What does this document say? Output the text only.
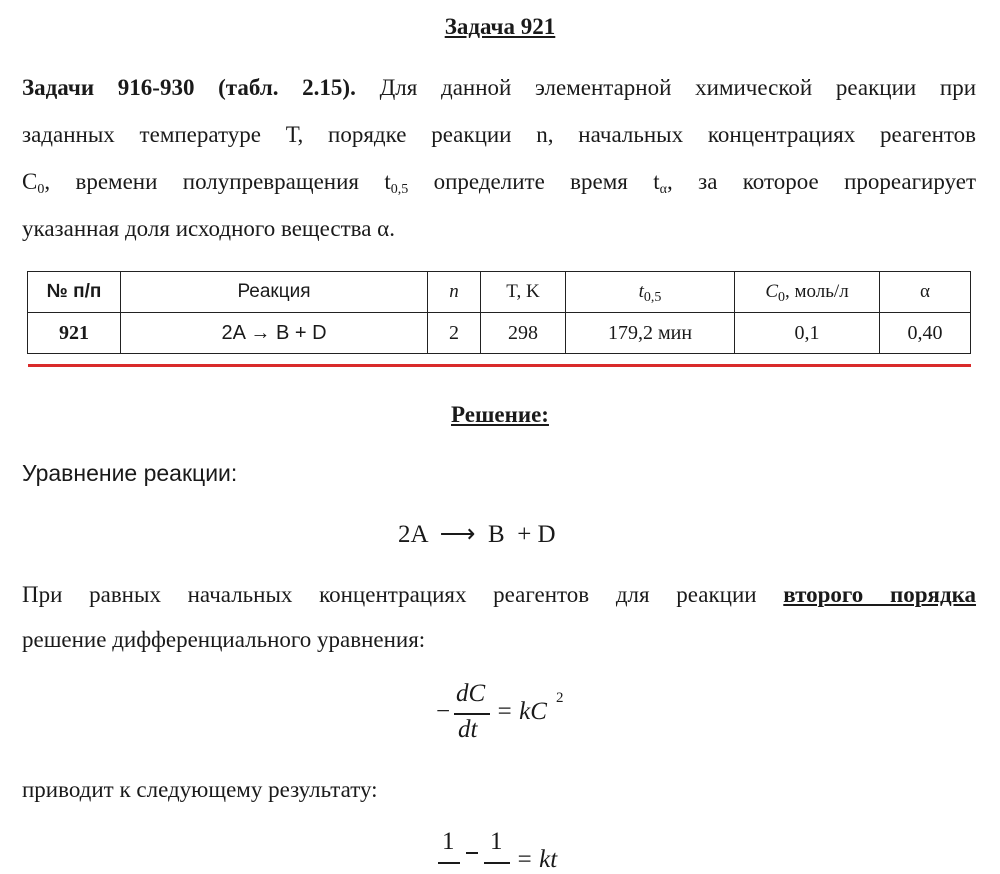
Задача 921
Задачи 916-930 (табл. 2.15). Для данной элементарной химической реакции при
заданных температуре Т, порядке реакции n, начальных концентрациях реагентов
$С_0$, времени полупревращения $t_{0,5}$ определите время $t_\alpha$, за которое прореагирует
указанная доля исходного вещества α.
№ п/п	Реакция	n	T, K	$t_{0,5}$	$C_0$, моль/л	α
921	2A → B + D	2	298	179,2 мин	0,1	0,40
Решение:
Уравнение реакции:
2A  ⟶  B  + D
При равных начальных концентрациях реагентов для реакции второго порядка
решение дифференциального уравнения:
−
dC
dt
= kC 2
приводит к следующему результату:
1 1
= kt
